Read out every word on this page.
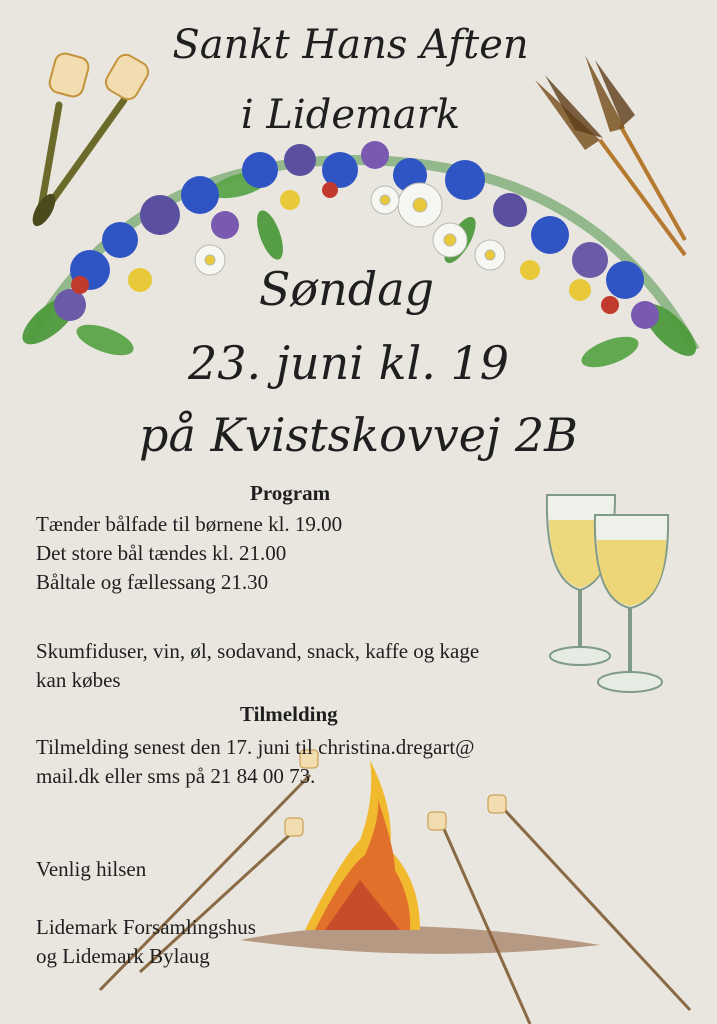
Sankt Hans Aften
i Lidemark
Søndag
23. juni kl. 19
på Kvistskovvej 2B
Program
Tænder bålfade til børnene kl. 19.00
Det store bål tændes kl. 21.00
Båltale og fællessang 21.30
Skumfiduser, vin, øl, sodavand, snack, kaffe og kage
kan købes
Tilmelding
Tilmelding senest den 17. juni til christina.dregart@
mail.dk eller sms på 21 84 00 73.
Venlig hilsen
Lidemark Forsamlingshus
og Lidemark Bylaug
